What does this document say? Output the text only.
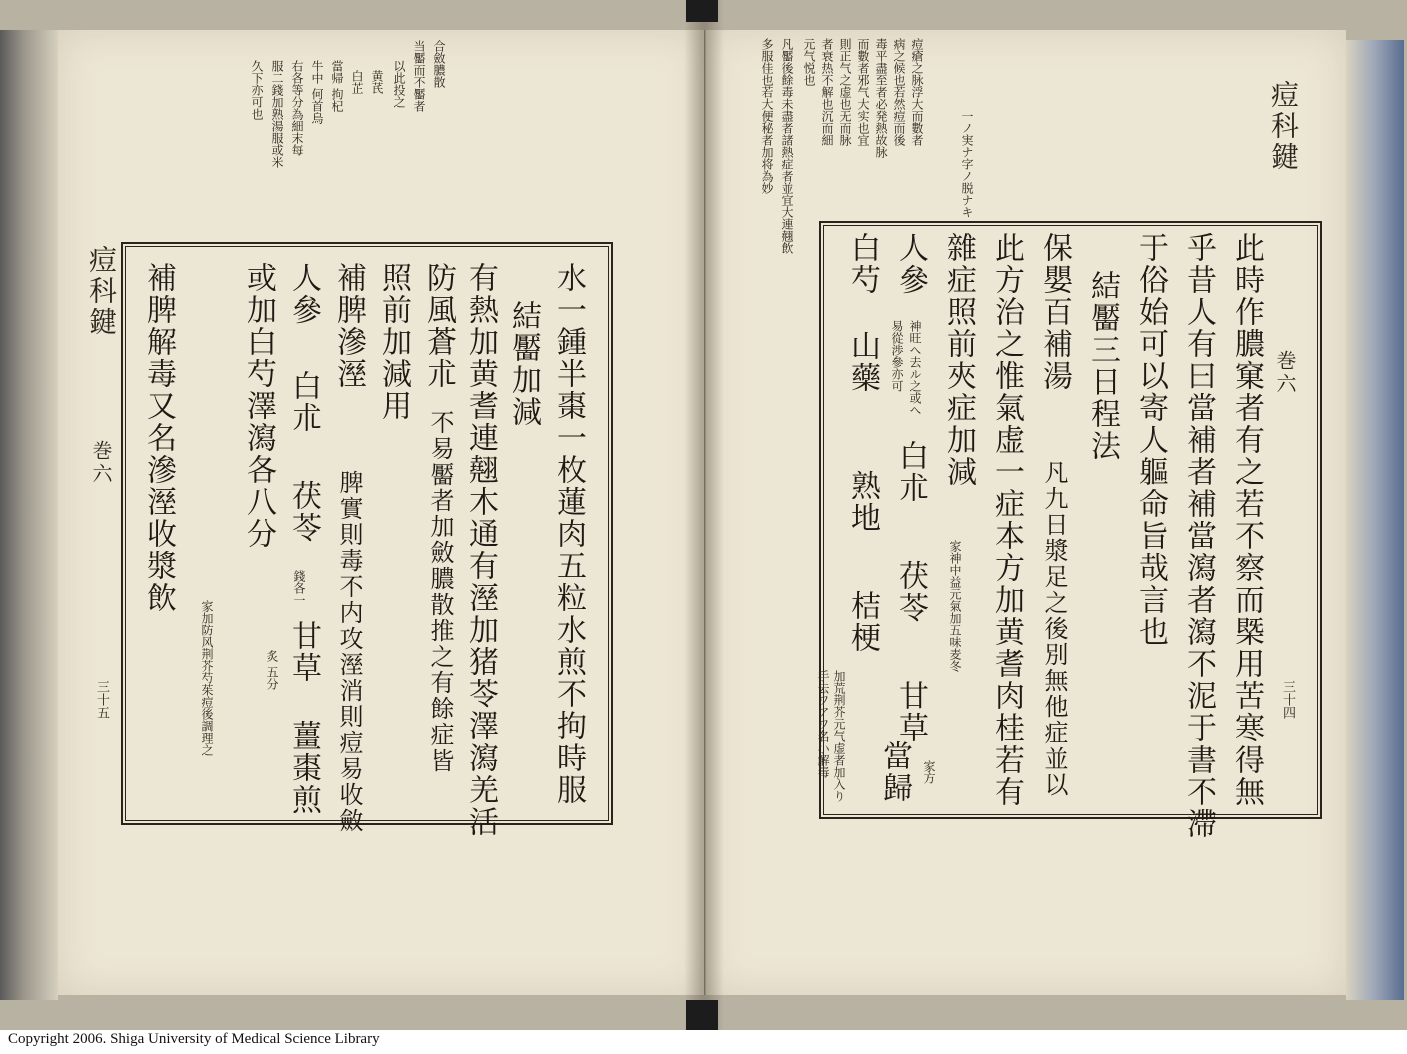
合斂膿散
当靨而不靨者
以此投之
黄芪
白芷
當帰 拘杞
牛中 何首烏
右各等分為細末每
服二錢加熟湯服或米
久下亦可也
痘科鍵
巻六
三十五	水一鍾半棗一枚蓮肉五粒水煎不拘時服
結靨加減
有熱加黄耆連翹木通有溼加猪苓澤瀉羌活
防風蒼朮
不易靨者加斂膿散推之有餘症皆
照前加減用
補脾滲溼
脾實則毒不内攻溼消則痘易收斂
人參
白朮
茯苓
錢各一
甘草
炙 五分
或加白芍澤瀉各八分
薑棗煎
家加防风荆芥芍茱痘後調理之
補脾解毒又名滲溼收漿飲
痘瘡之脉浮大而數者
病之候也若然痘而後
毒平盡至者必発熱故脉
而數者邪气大实也宜
則正气之虚也无而脉
者衰热不解也沉而細
元气悦也
一ノ実ナ字ノ脱ナキ
凡靨後餘毒未盡者諸熱症者並宜大連翹飲
多服佳也若大便秘者加将為妙	痘科鍵
巻六
三十四
此時作膿窠者有之若不察而槩用苦寒得無
乎昔人有曰當補者補當瀉者瀉不泥于書不滯
于俗始可以寄人軀命旨哉言也
結靨三日程法
保嬰百補湯
凡九日漿足之後別無他症並以
此方治之惟氣虚一症本方加黄耆肉桂若有
雜症照前夾症加減
家神中益元氣加五味麦冬
人參
神旺へ去ル之或へ
易從渉參亦可
白朮
茯苓
甘草
白芍
山藥
熟地
桔梗
加荒荆芥元气虚者加入り
手去ワアワ名小解毒 當歸 家方
Copyright 2006. Shiga University of Medical Science Library
